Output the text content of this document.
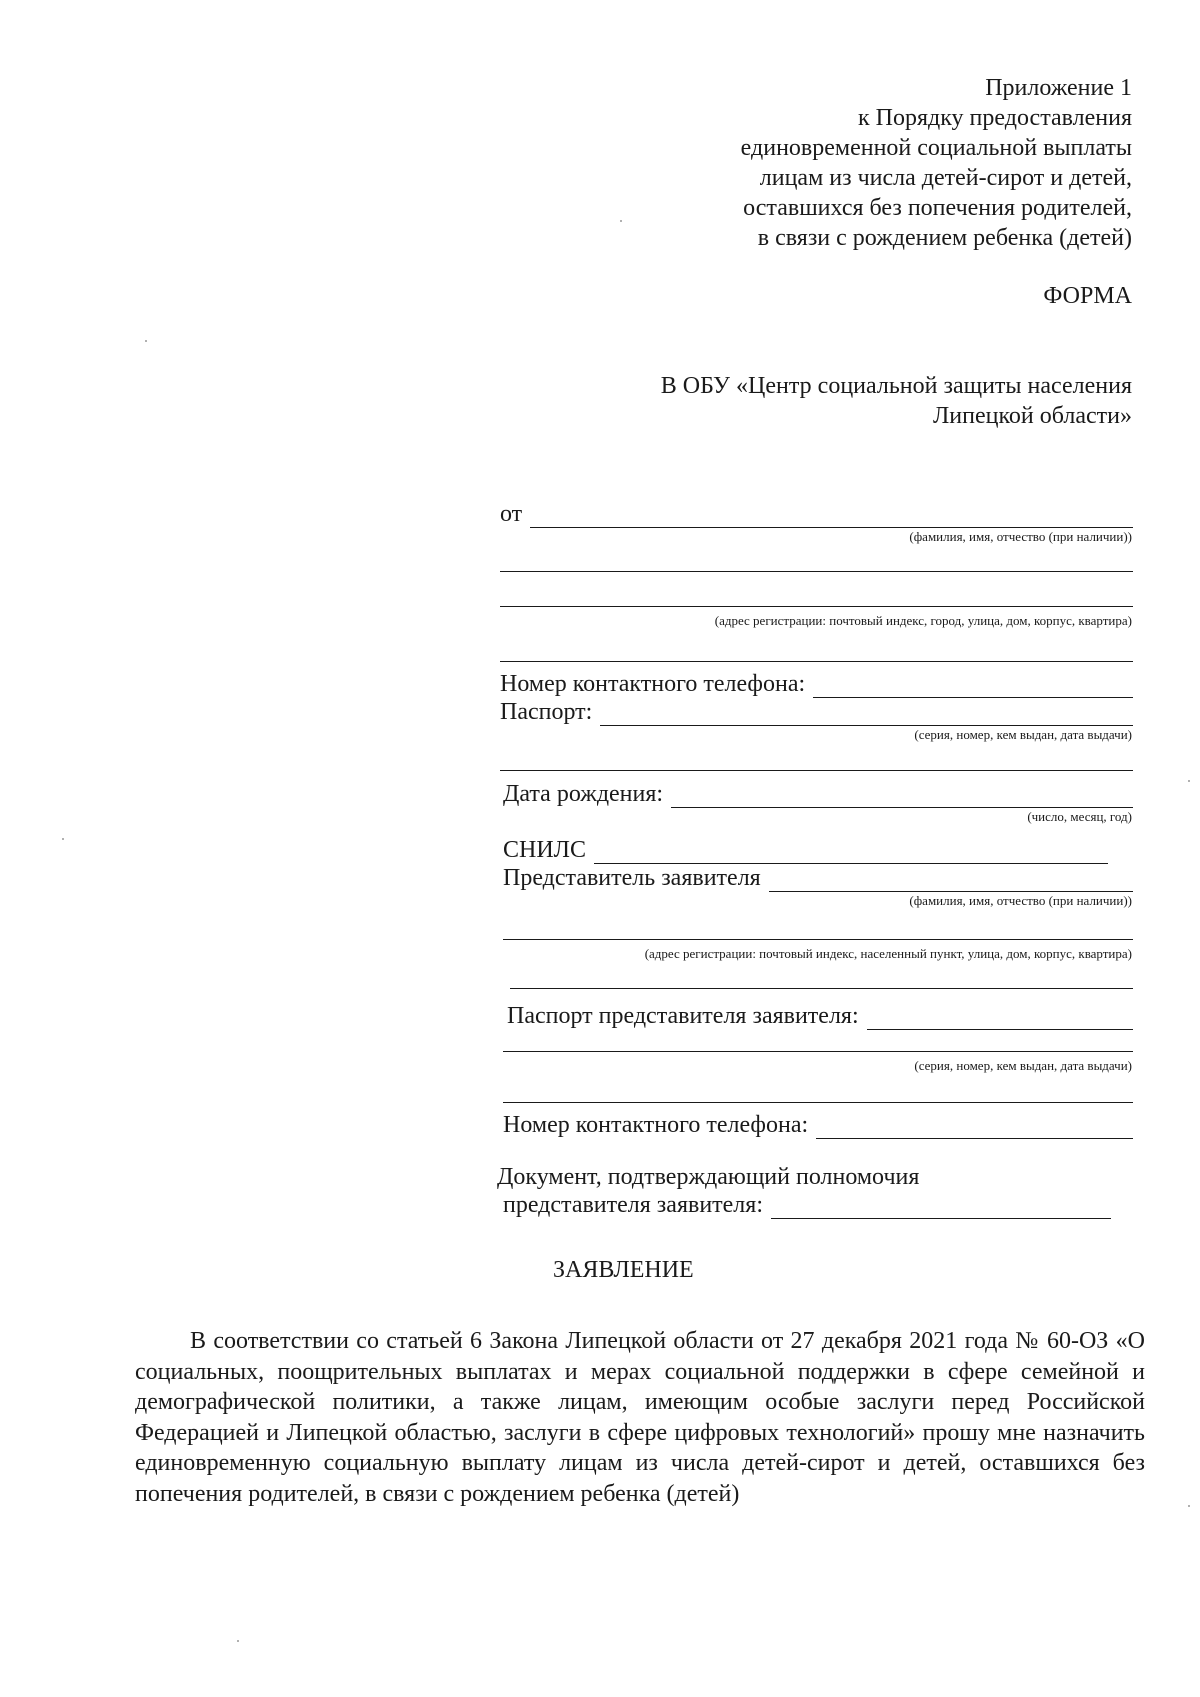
Приложение 1
к Порядку предоставления
единовременной социальной выплаты
лицам из числа детей-сирот и детей,
оставшихся без попечения родителей,
в связи с рождением ребенка (детей)
ФОРМА
В ОБУ «Центр социальной защиты населения
Липецкой области»
от
(фамилия, имя, отчество (при наличии))
(адрес регистрации: почтовый индекс, город, улица, дом, корпус, квартира)
Номер контактного телефона:
Паспорт:
(серия, номер, кем выдан, дата выдачи)
Дата рождения:
(число, месяц, год)
СНИЛС
Представитель заявителя
(фамилия, имя, отчество (при наличии))
(адрес регистрации: почтовый индекс, населенный пункт, улица, дом, корпус, квартира)
Паспорт представителя заявителя:
(серия, номер, кем выдан, дата выдачи)
Номер контактного телефона:
Документ, подтверждающий полномочия
представителя заявителя:
ЗАЯВЛЕНИЕ
В соответствии со статьей 6 Закона Липецкой области от 27 декабря 2021 года № 60-ОЗ «О социальных, поощрительных выплатах и мерах социальной поддержки в сфере семейной и демографической политики, а также лицам, имеющим особые заслуги перед Российской Федерацией и Липецкой областью, заслуги в сфере цифровых технологий» прошу мне назначить единовременную социальную выплату лицам из числа детей-сирот и детей, оставшихся без попечения родителей, в связи с рождением ребенка (детей)
